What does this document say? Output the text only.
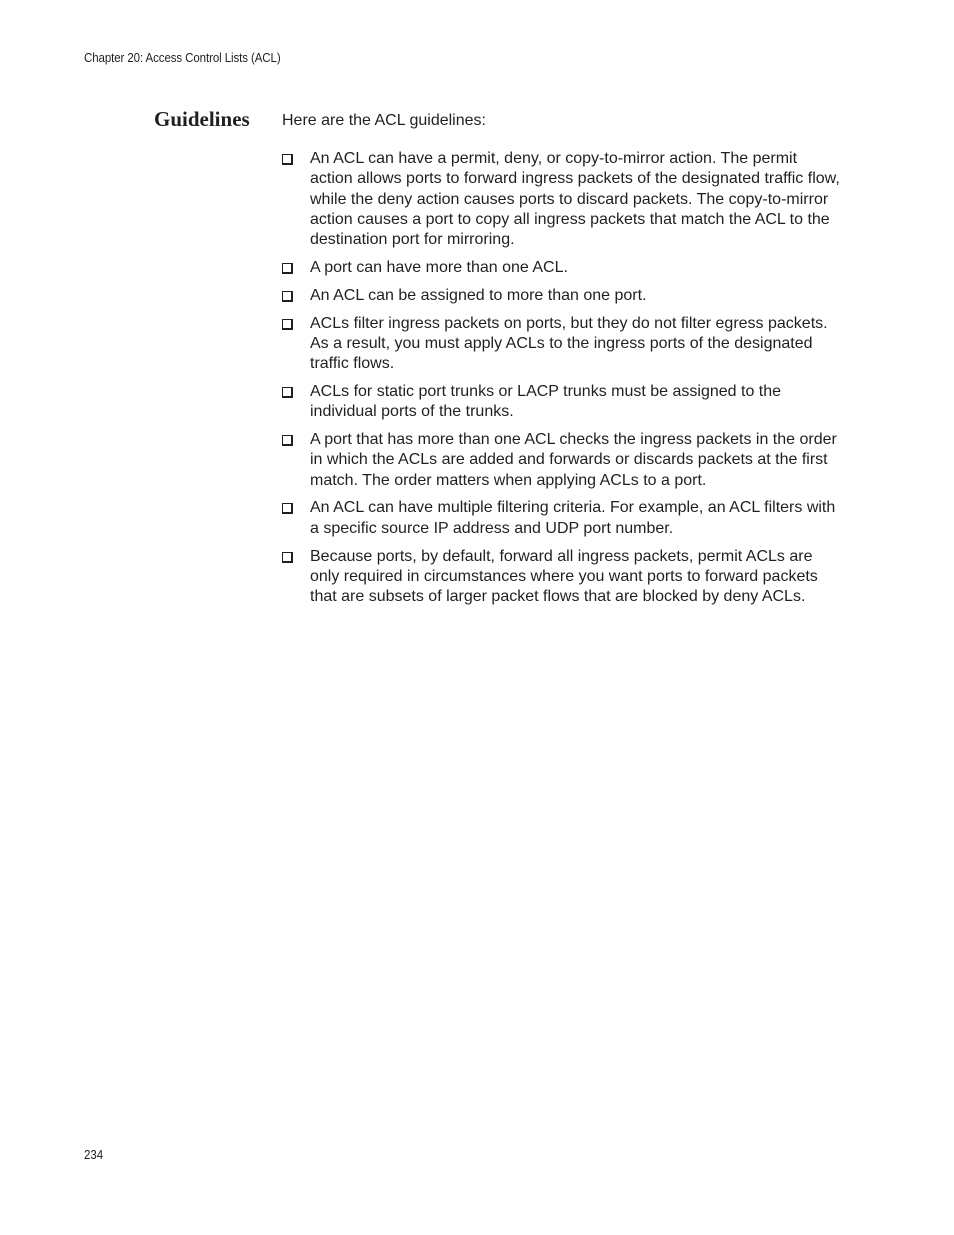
Chapter 20: Access Control Lists (ACL)
Guidelines Here are the ACL guidelines:
An ACL can have a permit, deny, or copy-to-mirror action. The permit action allows ports to forward ingress packets of the designated traffic flow, while the deny action causes ports to discard packets. The copy-to-mirror action causes a port to copy all ingress packets that match the ACL to the destination port for mirroring.
A port can have more than one ACL.
An ACL can be assigned to more than one port.
ACLs filter ingress packets on ports, but they do not filter egress packets. As a result, you must apply ACLs to the ingress ports of the designated traffic flows.
ACLs for static port trunks or LACP trunks must be assigned to the individual ports of the trunks.
A port that has more than one ACL checks the ingress packets in the order in which the ACLs are added and forwards or discards packets at the first match. The order matters when applying ACLs to a port.
An ACL can have multiple filtering criteria. For example, an ACL filters with a specific source IP address and UDP port number.
Because ports, by default, forward all ingress packets, permit ACLs are only required in circumstances where you want ports to forward packets that are subsets of larger packet flows that are blocked by deny ACLs.
234
